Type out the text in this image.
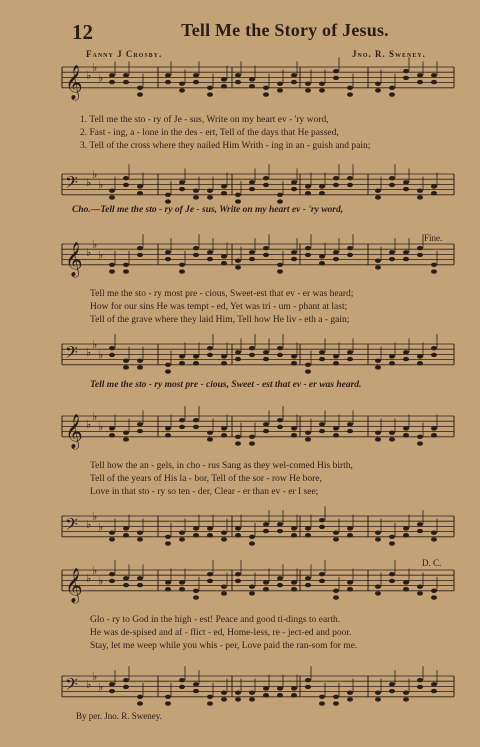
12	Tell Me the Story of Jesus.
Fanny J Crosby.	Jno. R. Sweney.
𝄞 ♭
♭
♭
1. Tell me the sto - ry of Je - sus, Write on my heart ev - 'ry word,
2. Fast - ing, a - lone in the des - ert, Tell of the days that He passed,
3. Tell of the cross where they nailed Him Writh - ing in an - guish and pain;
𝄢 ♭
♭
♭
Cho.—Tell me the sto - ry of Je - sus, Write on my heart ev - 'ry word,
Fine.
𝄞 ♭
♭
♭
Tell me the sto - ry most pre - cious, Sweet-est that ev - er was heard;
How for our sins He was tempt - ed, Yet was tri - um - phant at last;
Tell of the grave where they laid Him, Tell how He liv - eth a - gain;
𝄢 ♭
♭
♭
Tell me the sto - ry most pre - cious, Sweet - est that ev - er was heard.
𝄞 ♭
♭
♭
Tell how the an - gels, in cho - rus Sang as they wel-comed His birth,
Tell of the years of His la - bor, Tell of the sor - row He bore,
Love in that sto - ry so ten - der, Clear - er than ev - er I see;
𝄢 ♭
♭
♭
D. C.
𝄞 ♭
♭
♭
Glo - ry to God in the high - est! Peace and good ti-dings to earth.
He was de-spised and af - flict - ed, Home-less, re - ject-ed and poor.
Stay, let me weep while you whis - per, Love paid the ran-som for me.
𝄢 ♭
♭
♭
By per. Jno. R. Sweney.
